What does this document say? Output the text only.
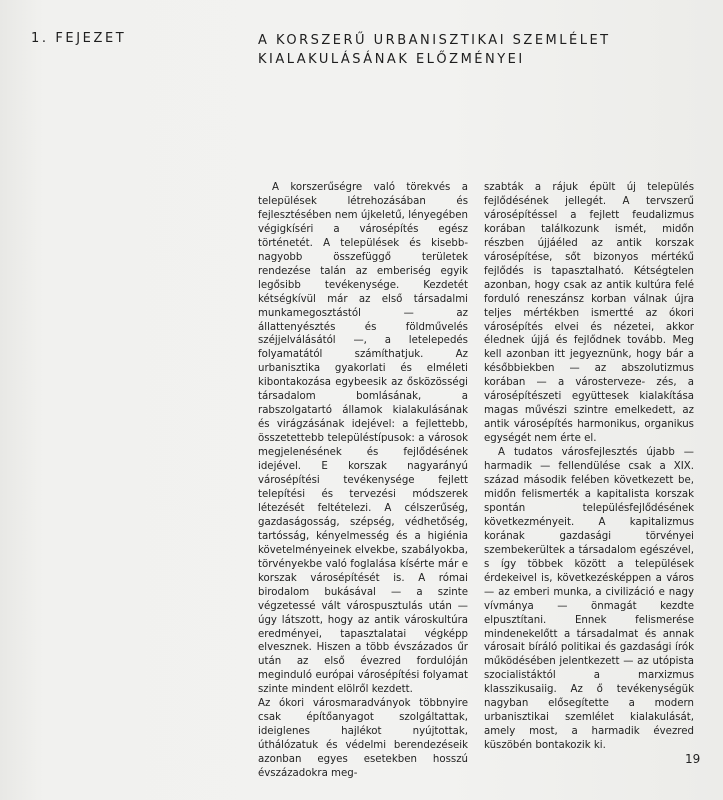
1. FEJEZET	A KORSZERŰ URBANISZTIKAI SZEMLÉLET
KIALAKULÁSÁNAK ELŐZMÉNYEI

A korszerűségre való törekvés a települések létrehozásában és fejlesztésében nem újkeletű, lényegében végigkíséri a városépítés egész történetét. A települések és kisebb-nagyobb összefüggő területek rendezése talán az emberiség egyik legősibb tevékenysége. Kezdetét kétségkívül már az első társadalmi munkamegosztástól — az állattenyésztés és földművelés széjjelválásától —, a letelepedés folyamatától számíthatjuk. Az urbanisztika gyakorlati és elméleti kibontakozása egybeesik az ősközösségi társadalom bomlásának, a rabszolgatartó államok kialakulásának és virágzásának idejével: a fejlettebb, összetettebb településtípusok: a városok megjelenésének és fejlődésének idejével. E korszak nagyarányú városépítési tevékenysége fejlett telepítési és tervezési módszerek létezését feltételezi. A célszerűség, gazdaságosság, szépség, védhetőség, tartósság, kényelmesség és a higiénia követelményeinek elvekbe, szabályokba, törvényekbe való foglalása kísérte már e korszak városépítését is. A római birodalom bukásával — a szinte végzetessé vált várospusztulás után — úgy látszott, hogy az antik városkultúra eredményei, tapasztalatai végképp elvesznek. Hiszen a több évszázados űr után az első évezred fordulóján meginduló európai városépítési folyamat szinte mindent elölről kezdett.

Az ókori városmaradványok többnyire csak építőanyagot szolgáltattak, ideiglenes hajlékot nyújtottak, úthálózatuk és védelmi berendezéseik azonban egyes esetekben hosszú évszázadokra meg-

szabták a rájuk épült új település fejlődésének jellegét. A tervszerű városépítéssel a fejlett feudalizmus korában találkozunk ismét, midőn részben újjáéled az antik korszak városépítése, sőt bizonyos mértékű fejlődés is tapasztalható. Kétségtelen azonban, hogy csak az antik kultúra felé forduló reneszánsz korban válnak újra teljes mértékben ismertté az ókori városépítés elvei és nézetei, akkor élednek újjá és fejlődnek tovább. Meg kell azonban itt jegyeznünk, hogy bár a későbbiekben — az abszolutizmus korában — a városterveze- zés, a városépítészeti együttesek kialakítása magas művészi szintre emelkedett, az antik városépítés harmonikus, organikus egységét nem érte el.

A tudatos városfejlesztés újabb — harmadik — fellendülése csak a XIX. század második felében következett be, midőn felismerték a kapitalista korszak spontán településfejlődésének következményeit. A kapitalizmus korának gazdasági törvényei szembekerültek a társadalom egészével, s így többek között a települések érdekeivel is, következésképpen a város — az emberi munka, a civilizáció e nagy vívmánya — önmagát kezdte elpusztítani. Ennek felismerése mindenekelőtt a társadalmat és annak városait bíráló politikai és gazdasági írók működésében jelentkezett — az utópista szocialistáktól a marxizmus klasszikusaiig. Az ő tevékenységük nagyban elősegítette a modern urbanisztikai szemlélet kialakulását, amely most, a harmadik évezred küszöbén bontakozik ki.

19
